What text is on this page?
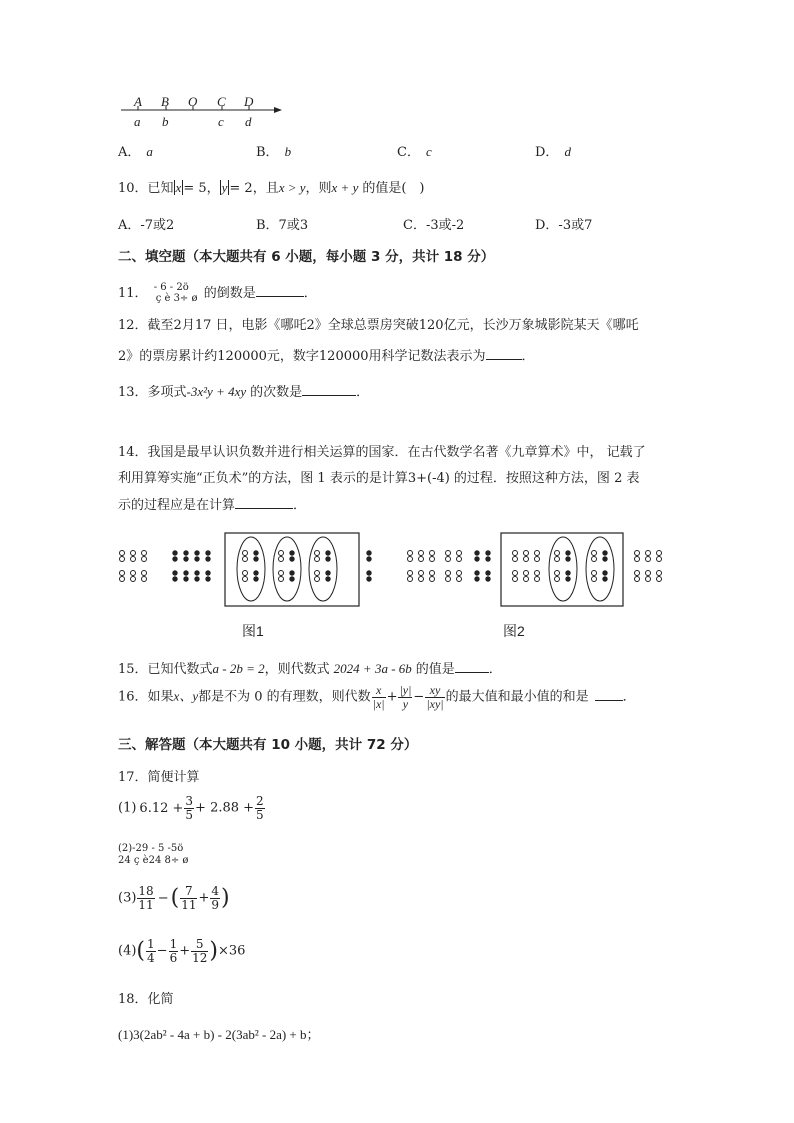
A B O C D
a b	c d
A． a	B． b	C． c	D． d
10．已知 x = 5， y = 2，且x > y，则x + y 的值是(　)
A．-7或2	B．7或3	C．-3或-2	D．-3或7
二、填空题（本大题共有 6 小题，每小题 3 分，共计 18 分）
11． - 6 - 2ö
ç è 3÷ ø 的倒数是	．
12．截至2月17 日，电影《哪吒2》全球总票房突破120亿元，长沙万象城影院某天《哪吒
2》的票房累计约120000元，数字120000用科学记数法表示为	．
13．多项式-3x²y + 4xy 的次数是	．
14．我国是最早认识负数并进行相关运算的国家．在古代数学名著《九章算术》中， 记载了
利用算筹实施“正负术”的方法，图 1 表示的是计算3+(-4) 的过程．按照这种方法，图 2 表
示的过程应是在计算	．
图1	图2
15．已知代数式a - 2b = 2，则代数式 2024 + 3a - 6b 的值是	．
16．如果x、y都是不为 0 的有理数，则代数 $\frac{x}{|x|} + \frac{|y|}{y} - \frac{xy}{|xy|}$ 的最大值和最小值的和是	．
三、解答题（本大题共有 10 小题，共计 72 分）
17．简便计算
(1) $6.12 + \frac{3}{5} + 2.88 + \frac{2}{5}$
(2)-29 - 5 -5ö
24 ç è24 8÷ ø
$(3) \frac{18}{11}$ −( $\frac{7}{11} + \frac{4}{9}$ )
$(4)( \frac{1}{4} - \frac{1}{6} + \frac{5}{12} )\times 36$
18．化简
(1)3(2ab² - 4a + b) - 2(3ab² - 2a) + b；
